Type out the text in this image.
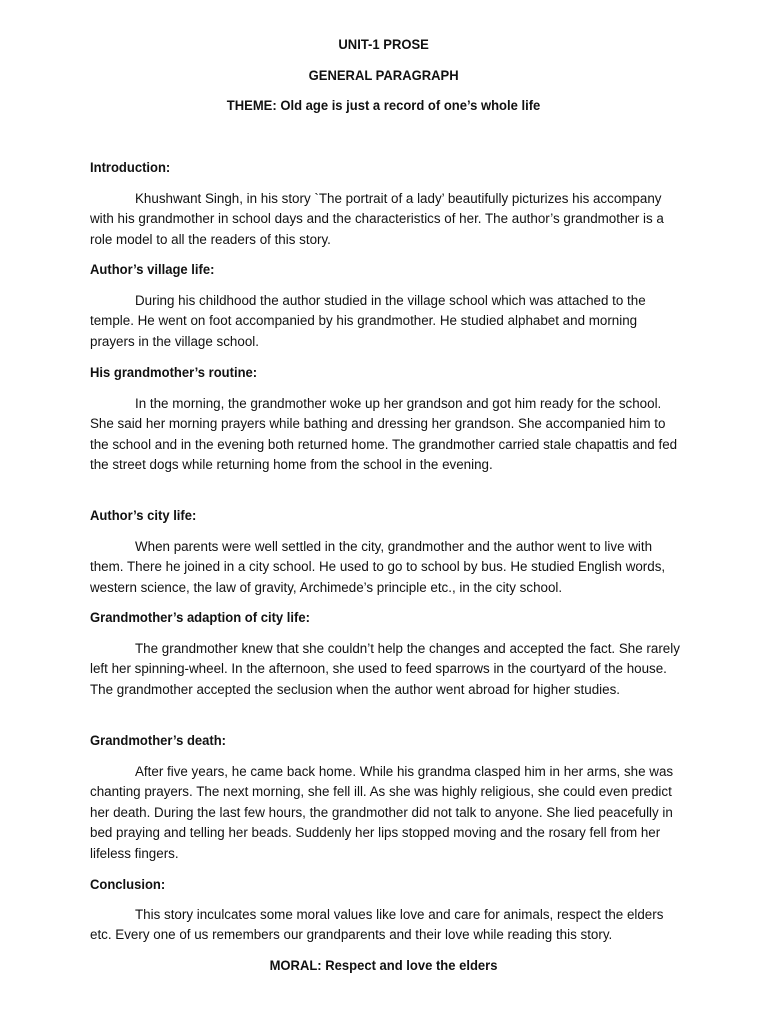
UNIT-1 PROSE
GENERAL PARAGRAPH
THEME: Old age is just a record of one’s whole life
Introduction:

Khushwant Singh, in his story `The portrait of a lady’ beautifully picturizes his accompany with his grandmother in school days and the characteristics of her. The author’s grandmother is a role model to all the readers of this story.

Author’s village life:

During his childhood the author studied in the village school which was attached to the temple. He went on foot accompanied by his grandmother. He studied alphabet and morning prayers in the village school.

His grandmother’s routine:

In the morning, the grandmother woke up her grandson and got him ready for the school. She said her morning prayers while bathing and dressing her grandson. She accompanied him to the school and in the evening both returned home. The grandmother carried stale chapattis and fed the street dogs while returning home from the school in the evening.

Author’s city life:

When parents were well settled in the city, grandmother and the author went to live with them. There he joined in a city school. He used to go to school by bus. He studied English words, western science, the law of gravity, Archimede’s principle etc., in the city school.

Grandmother’s adaption of city life:

The grandmother knew that she couldn’t help the changes and accepted the fact. She rarely left her spinning-wheel. In the afternoon, she used to feed sparrows in the courtyard of the house. The grandmother accepted the seclusion when the author went abroad for higher studies.

Grandmother’s death:

After five years, he came back home. While his grandma clasped him in her arms, she was chanting prayers. The next morning, she fell ill. As she was highly religious, she could even predict her death. During the last few hours, the grandmother did not talk to anyone. She lied peacefully in bed praying and telling her beads. Suddenly her lips stopped moving and the rosary fell from her lifeless fingers.

Conclusion:

This story inculcates some moral values like love and care for animals, respect the elders etc. Every one of us remembers our grandparents and their love while reading this story.

MORAL: Respect and love the elders
